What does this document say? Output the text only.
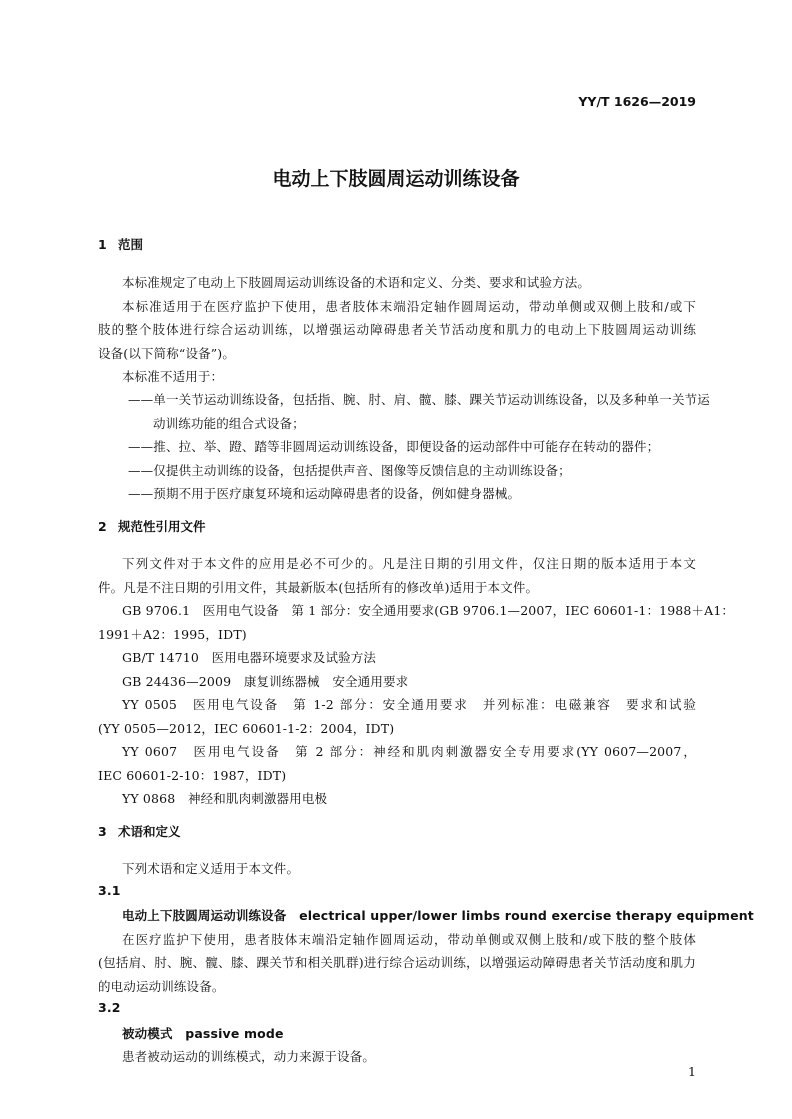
YY/T 1626—2019
电动上下肢圆周运动训练设备
1 范围
本标准规定了电动上下肢圆周运动训练设备的术语和定义、分类、要求和试验方法。
本标准适用于在医疗监护下使用，患者肢体末端沿定轴作圆周运动，带动单侧或双侧上肢和/或下
肢的整个肢体进行综合运动训练，以增强运动障碍患者关节活动度和肌力的电动上下肢圆周运动训练
设备(以下简称“设备”)。
本标准不适用于：
——单一关节运动训练设备，包括指、腕、肘、肩、髋、膝、踝关节运动训练设备，以及多种单一关节运
动训练功能的组合式设备；
——推、拉、举、蹬、踏等非圆周运动训练设备，即便设备的运动部件中可能存在转动的器件；
——仅提供主动训练的设备，包括提供声音、图像等反馈信息的主动训练设备；
——预期不用于医疗康复环境和运动障碍患者的设备，例如健身器械。
2 规范性引用文件
下列文件对于本文件的应用是必不可少的。凡是注日期的引用文件，仅注日期的版本适用于本文
件。凡是不注日期的引用文件，其最新版本(包括所有的修改单)适用于本文件。
GB 9706.1　医用电气设备　第 1 部分：安全通用要求(GB 9706.1—2007，IEC 60601-1：1988＋A1：
1991＋A2：1995，IDT)
GB/T 14710　医用电器环境要求及试验方法
GB 24436—2009　康复训练器械　安全通用要求
YY 0505　医用电气设备　第 1-2 部分：安全通用要求　并列标准：电磁兼容　要求和试验
(YY 0505—2012，IEC 60601-1-2：2004，IDT)
YY 0607　医用电气设备　第 2 部分：神经和肌肉刺激器安全专用要求(YY 0607—2007，
IEC 60601-2-10：1987，IDT)
YY 0868　神经和肌肉刺激器用电极
3 术语和定义
下列术语和定义适用于本文件。
3.1
电动上下肢圆周运动训练设备　electrical upper/lower limbs round exercise therapy equipment
在医疗监护下使用，患者肢体末端沿定轴作圆周运动，带动单侧或双侧上肢和/或下肢的整个肢体
(包括肩、肘、腕、髋、膝、踝关节和相关肌群)进行综合运动训练，以增强运动障碍患者关节活动度和肌力
的电动运动训练设备。
3.2
被动模式　passive mode
患者被动运动的训练模式，动力来源于设备。
1
